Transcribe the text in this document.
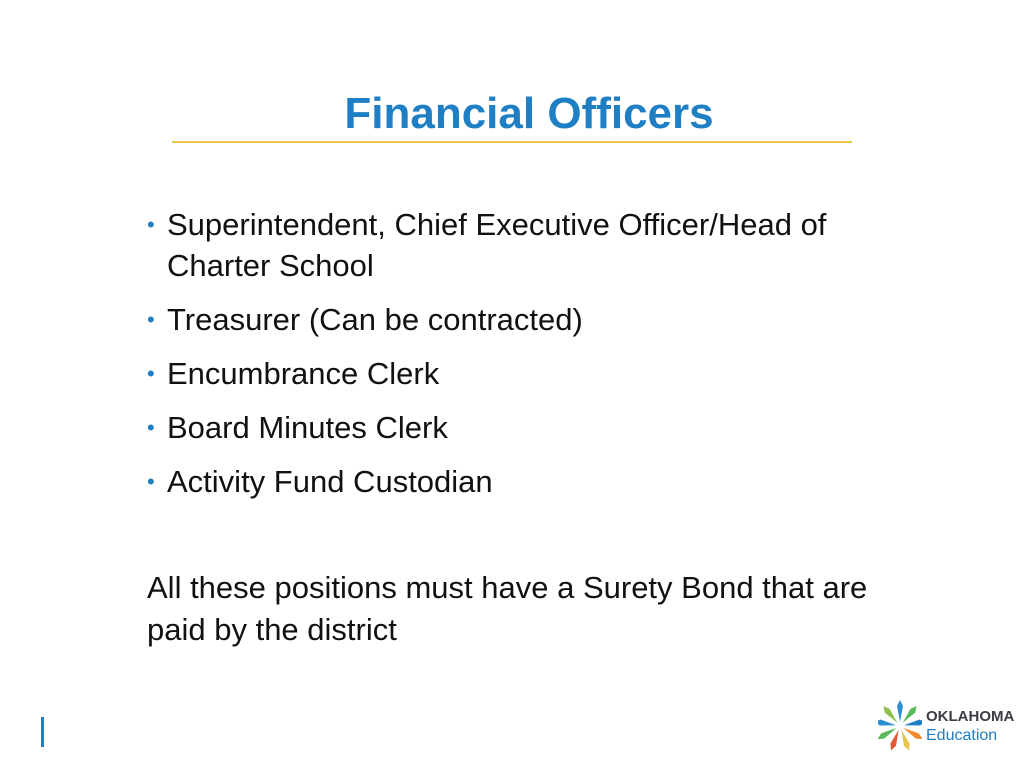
Financial Officers
• Superintendent, Chief Executive Officer/Head of Charter School
• Treasurer (Can be contracted)
• Encumbrance Clerk
• Board Minutes Clerk
• Activity Fund Custodian

All these positions must have a Surety Bond that are paid by the district

OKLAHOMA
Education
